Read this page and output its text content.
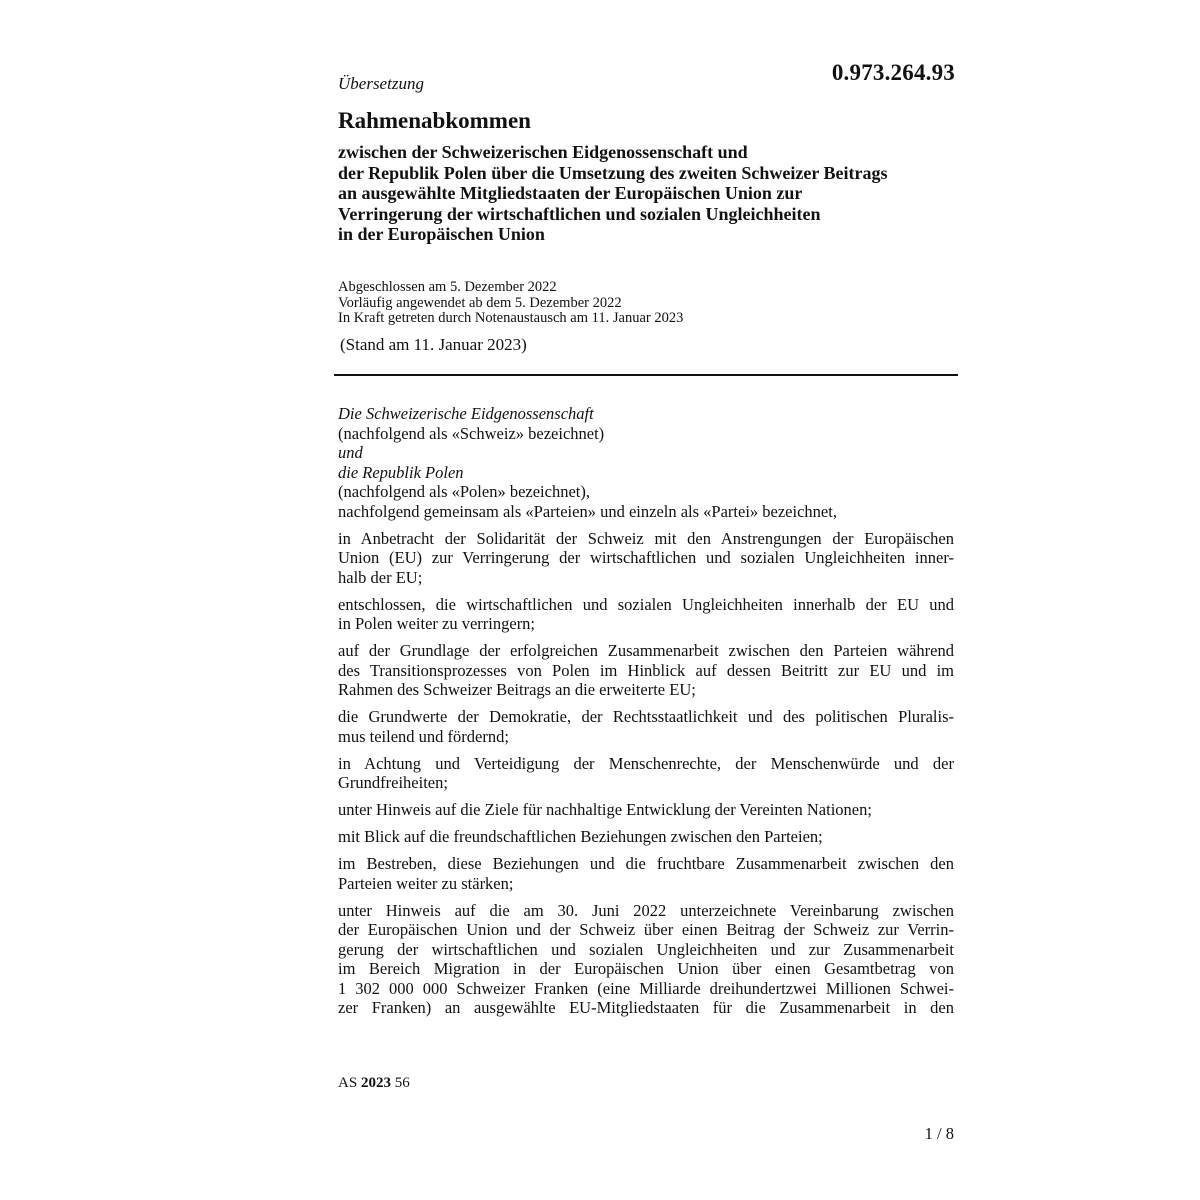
Übersetzung	0.973.264.93
Rahmenabkommen
zwischen der Schweizerischen Eidgenossenschaft und
der Republik Polen über die Umsetzung des zweiten Schweizer Beitrags
an ausgewählte Mitgliedstaaten der Europäischen Union zur
Verringerung der wirtschaftlichen und sozialen Ungleichheiten
in der Europäischen Union
Abgeschlossen am 5. Dezember 2022
Vorläufig angewendet ab dem 5. Dezember 2022
In Kraft getreten durch Notenaustausch am 11. Januar 2023
(Stand am 11. Januar 2023)
Die Schweizerische Eidgenossenschaft
(nachfolgend als «Schweiz» bezeichnet)
und
die Republik Polen
(nachfolgend als «Polen» bezeichnet),
nachfolgend gemeinsam als «Parteien» und einzeln als «Partei» bezeichnet,
in Anbetracht der Solidarität der Schweiz mit den Anstrengungen der Europäischen
Union (EU) zur Verringerung der wirtschaftlichen und sozialen Ungleichheiten inner-
halb der EU;
entschlossen, die wirtschaftlichen und sozialen Ungleichheiten innerhalb der EU und
in Polen weiter zu verringern;
auf der Grundlage der erfolgreichen Zusammenarbeit zwischen den Parteien während
des Transitionsprozesses von Polen im Hinblick auf dessen Beitritt zur EU und im
Rahmen des Schweizer Beitrags an die erweiterte EU;
die Grundwerte der Demokratie, der Rechtsstaatlichkeit und des politischen Pluralis-
mus teilend und fördernd;
in Achtung und Verteidigung der Menschenrechte, der Menschenwürde und der
Grundfreiheiten;
unter Hinweis auf die Ziele für nachhaltige Entwicklung der Vereinten Nationen;
mit Blick auf die freundschaftlichen Beziehungen zwischen den Parteien;
im Bestreben, diese Beziehungen und die fruchtbare Zusammenarbeit zwischen den
Parteien weiter zu stärken;
unter Hinweis auf die am 30. Juni 2022 unterzeichnete Vereinbarung zwischen
der Europäischen Union und der Schweiz über einen Beitrag der Schweiz zur Verrin-
gerung der wirtschaftlichen und sozialen Ungleichheiten und zur Zusammenarbeit
im Bereich Migration in der Europäischen Union über einen Gesamtbetrag von
1 302 000 000 Schweizer Franken (eine Milliarde dreihundertzwei Millionen Schwei-
zer Franken) an ausgewählte EU-Mitgliedstaaten für die Zusammenarbeit in den
AS 2023 56
1 / 8
